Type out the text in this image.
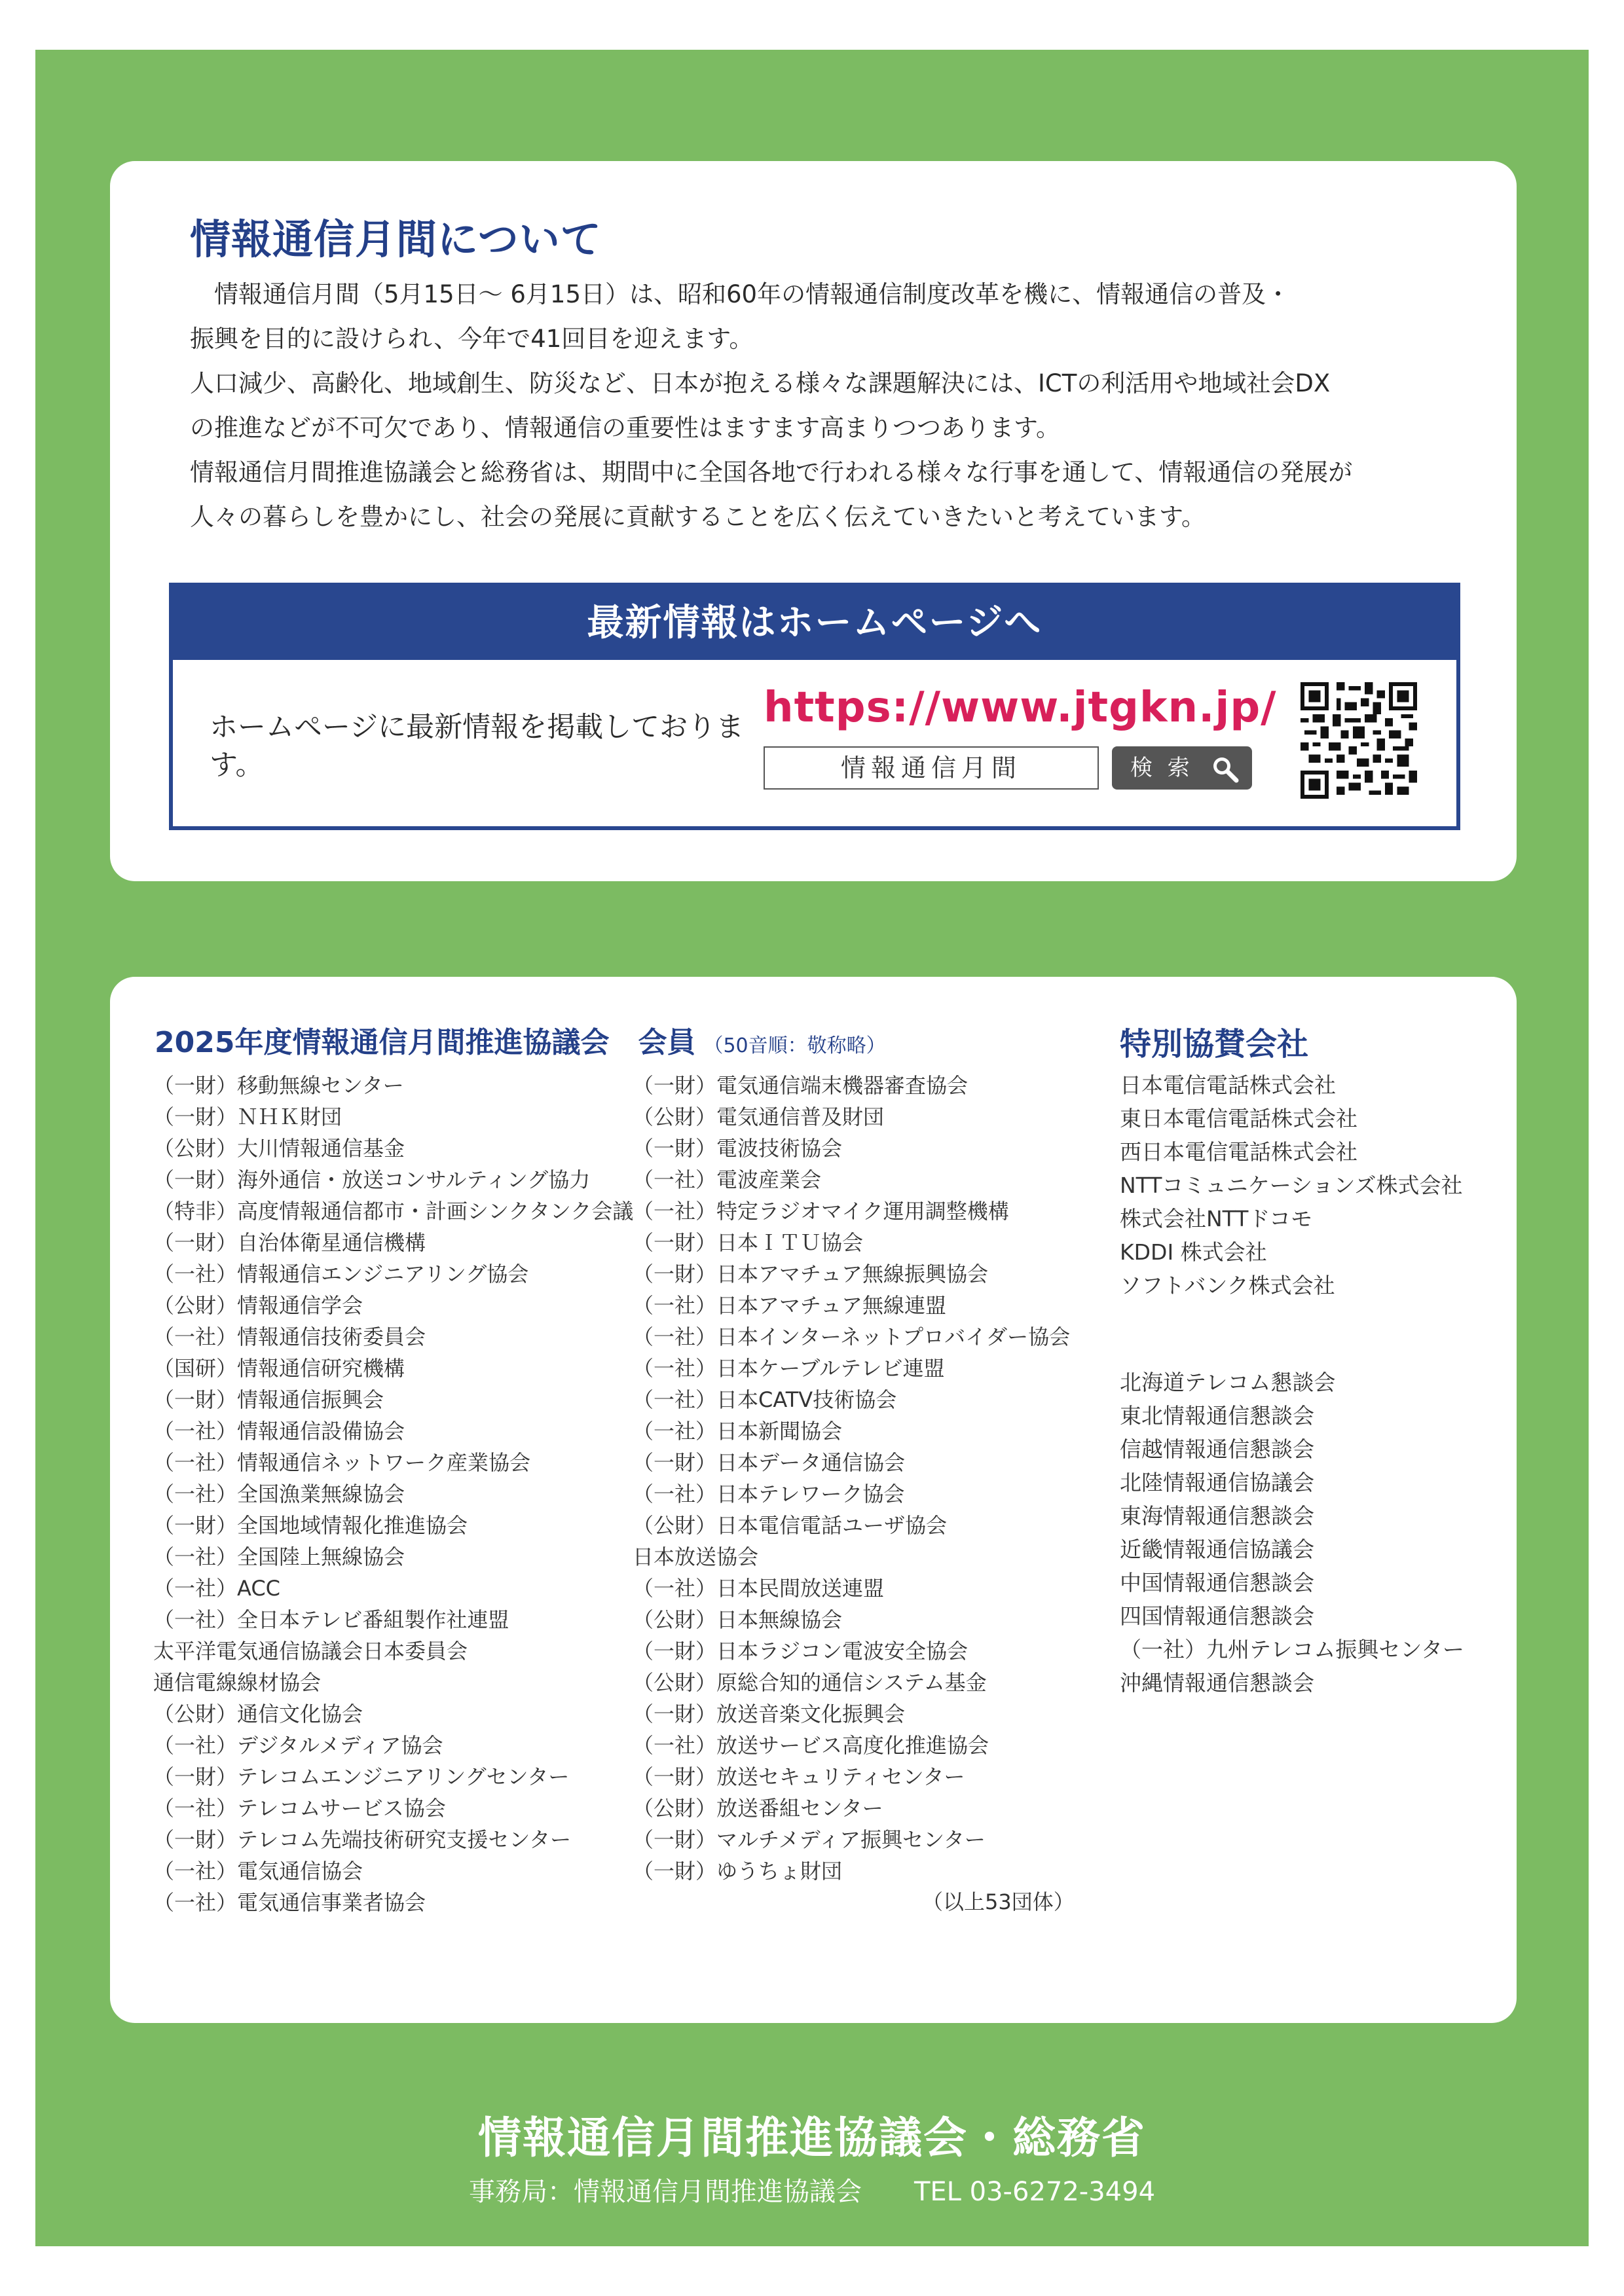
情報通信月間について

　情報通信月間（5月15日～ 6月15日）は、昭和60年の情報通信制度改革を機に、情報通信の普及・

振興を目的に設けられ、今年で41回目を迎えます。

人口減少、高齢化、地域創生、防災など、日本が抱える様々な課題解決には、ICTの利活用や地域社会DX

の推進などが不可欠であり、情報通信の重要性はますます高まりつつあります。

情報通信月間推進協議会と総務省は、期間中に全国各地で行われる様々な行事を通して、情報通信の発展が

人々の暮らしを豊かにし、社会の発展に貢献することを広く伝えていきたいと考えています。

最新情報はホームページへ
ホームページに最新情報を掲載しております。
https://www.jtgkn.jp/
情報通信月間	検 索
2025年度情報通信月間推進協議会　会員 （50音順：敬称略）	特別協賛会社
（一財）移動無線センター
（一財）ＮＨＫ財団
（公財）大川情報通信基金
（一財）海外通信・放送コンサルティング協力
（特非）高度情報通信都市・計画シンクタンク会議
（一財）自治体衛星通信機構
（一社）情報通信エンジニアリング協会
（公財）情報通信学会
（一社）情報通信技術委員会
（国研）情報通信研究機構
（一財）情報通信振興会
（一社）情報通信設備協会
（一社）情報通信ネットワーク産業協会
（一社）全国漁業無線協会
（一財）全国地域情報化推進協会
（一社）全国陸上無線協会
（一社）ACC
（一社）全日本テレビ番組製作社連盟
太平洋電気通信協議会日本委員会
通信電線線材協会
（公財）通信文化協会
（一社）デジタルメディア協会
（一財）テレコムエンジニアリングセンター
（一社）テレコムサービス協会
（一財）テレコム先端技術研究支援センター
（一社）電気通信協会
（一社）電気通信事業者協会
（一財）電気通信端末機器審査協会
（公財）電気通信普及財団
（一財）電波技術協会
（一社）電波産業会
（一社）特定ラジオマイク運用調整機構
（一財）日本ＩＴＵ協会
（一財）日本アマチュア無線振興協会
（一社）日本アマチュア無線連盟
（一社）日本インターネットプロバイダー協会
（一社）日本ケーブルテレビ連盟
（一社）日本CATV技術協会
（一社）日本新聞協会
（一財）日本データ通信協会
（一社）日本テレワーク協会
（公財）日本電信電話ユーザ協会
日本放送協会
（一社）日本民間放送連盟
（公財）日本無線協会
（一財）日本ラジコン電波安全協会
（公財）原総合知的通信システム基金
（一財）放送音楽文化振興会
（一社）放送サービス高度化推進協会
（一財）放送セキュリティセンター
（公財）放送番組センター
（一財）マルチメディア振興センター
（一財）ゆうちょ財団
（以上53団体）
日本電信電話株式会社
東日本電信電話株式会社
西日本電信電話株式会社
NTTコミュニケーションズ株式会社
株式会社NTTドコモ
KDDI 株式会社
ソフトバンク株式会社
北海道テレコム懇談会
東北情報通信懇談会
信越情報通信懇談会
北陸情報通信協議会
東海情報通信懇談会
近畿情報通信協議会
中国情報通信懇談会
四国情報通信懇談会
（一社）九州テレコム振興センター
沖縄情報通信懇談会
情報通信月間推進協議会・総務省
事務局：情報通信月間推進協議会　　TEL 03-6272-3494
